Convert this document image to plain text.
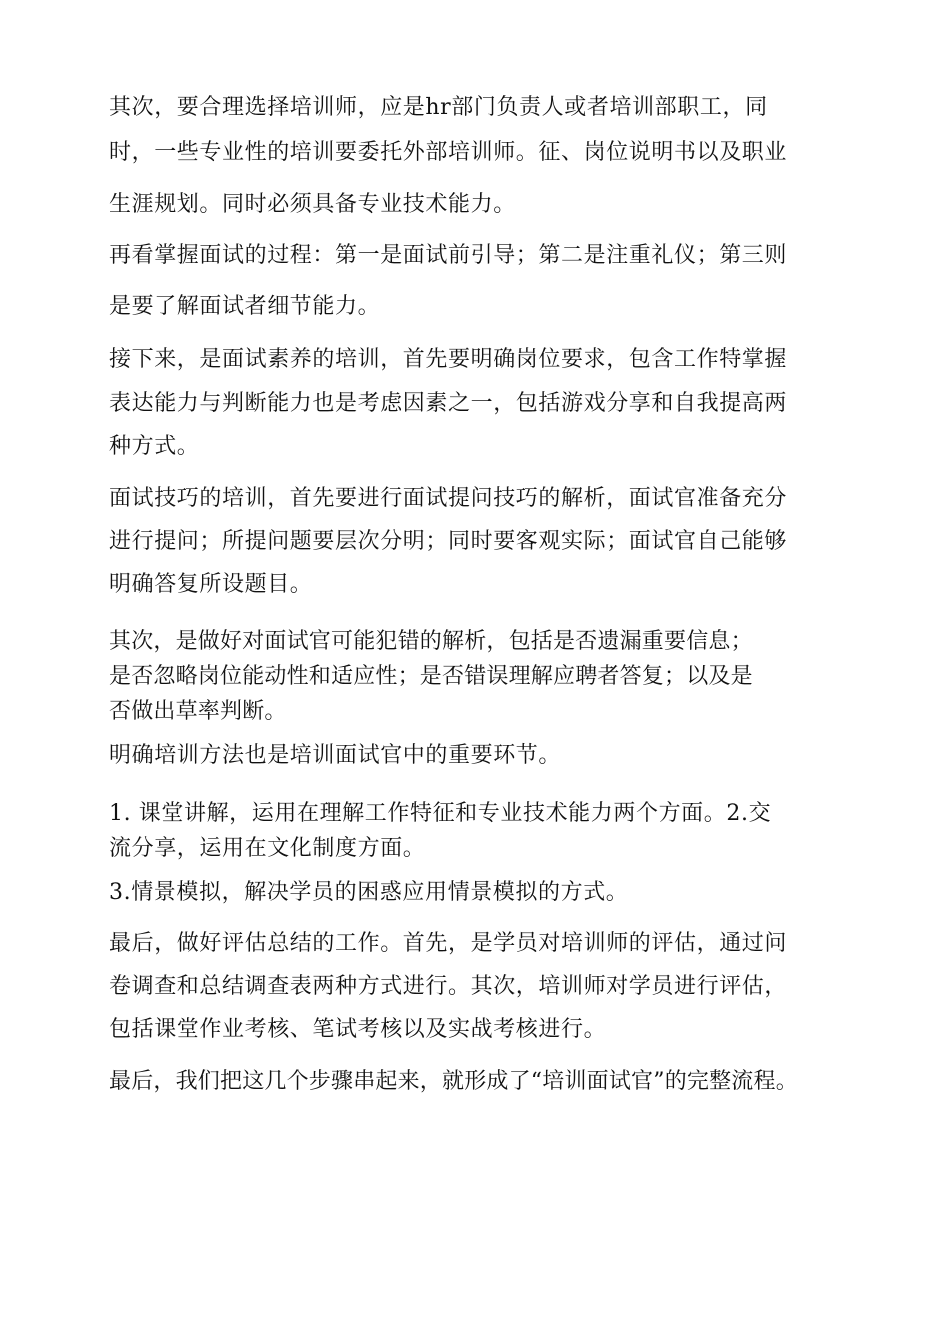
其次，要合理选择培训师，应是hr部门负责人或者培训部职工，同
时，一些专业性的培训要委托外部培训师。征、岗位说明书以及职业
生涯规划。同时必须具备专业技术能力。
再看掌握面试的过程：第一是面试前引导；第二是注重礼仪；第三则
是要了解面试者细节能力。
接下来，是面试素养的培训，首先要明确岗位要求，包含工作特掌握
表达能力与判断能力也是考虑因素之一，包括游戏分享和自我提高两
种方式。
面试技巧的培训，首先要进行面试提问技巧的解析，面试官准备充分
进行提问；所提问题要层次分明；同时要客观实际；面试官自己能够
明确答复所设题目。
其次，是做好对面试官可能犯错的解析，包括是否遗漏重要信息；
是否忽略岗位能动性和适应性；是否错误理解应聘者答复；以及是
否做出草率判断。
明确培训方法也是培训面试官中的重要环节。
1. 课堂讲解，运用在理解工作特征和专业技术能力两个方面。2.交
流分享，运用在文化制度方面。
3.情景模拟，解决学员的困惑应用情景模拟的方式。
最后，做好评估总结的工作。首先，是学员对培训师的评估，通过问
卷调查和总结调查表两种方式进行。其次，培训师对学员进行评估，
包括课堂作业考核、笔试考核以及实战考核进行。
最后，我们把这几个步骤串起来，就形成了“培训面试官”的完整流程。
